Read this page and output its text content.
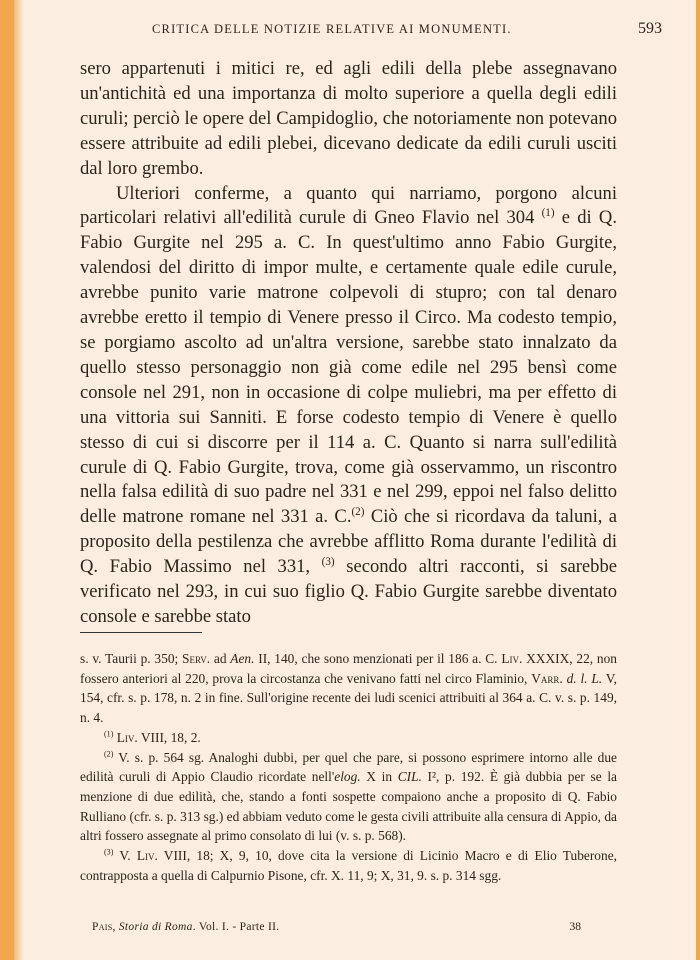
CRITICA DELLE NOTIZIE RELATIVE AI MONUMENTI.	593

sero appartenuti i mitici re, ed agli edili della plebe assegnavano un'antichità ed una importanza di molto superiore a quella degli edili curuli; perciò le opere del Campidoglio, che notoriamente non potevano essere attribuite ad edili plebei, dicevano dedicate da edili curuli usciti dal loro grembo.

Ulteriori conferme, a quanto qui narriamo, porgono alcuni particolari relativi all'edilità curule di Gneo Flavio nel 304 $^{(1)}$ e di Q. Fabio Gurgite nel 295 a. C. In quest'ultimo anno Fabio Gurgite, valendosi del diritto di impor multe, e certamente quale edile curule, avrebbe punito varie matrone colpevoli di stupro; con tal denaro avrebbe eretto il tempio di Venere presso il Circo. Ma codesto tempio, se porgiamo ascolto ad un'altra versione, sarebbe stato innalzato da quello stesso personaggio non già come edile nel 295 bensì come console nel 291, non in occasione di colpe muliebri, ma per effetto di una vittoria sui Sanniti. E forse codesto tempio di Venere è quello stesso di cui si discorre per il 114 a. C. Quanto si narra sull'edilità curule di Q. Fabio Gurgite, trova, come già osservammo, un riscontro nella falsa edilità di suo padre nel 331 e nel 299, eppoi nel falso delitto delle matrone romane nel 331 a. C.$^{(2)}$ Ciò che si ricordava da taluni, a proposito della pestilenza che avrebbe afflitto Roma durante l'edilità di Q. Fabio Massimo nel 331, $^{(3)}$ secondo altri racconti, si sarebbe verificato nel 293, in cui suo figlio Q. Fabio Gurgite sarebbe diventato console e sarebbe stato

s. v. Taurii p. 350; Serv. ad Aen. II, 140, che sono menzionati per il 186 a. C. Liv. XXXIX, 22, non fossero anteriori al 220, prova la circostanza che venivano fatti nel circo Flaminio, Varr. d. l. L. V, 154, cfr. s. p. 178, n. 2 in fine. Sull'origine recente dei ludi scenici attribuiti al 364 a. C. v. s. p. 149, n. 4.

$^{(1)}$ Liv. VIII, 18, 2.

$^{(2)}$ V. s. p. 564 sg. Analoghi dubbi, per quel che pare, si possono esprimere intorno alle due edilità curuli di Appio Claudio ricordate nell'elog. X in CIL. I², p. 192. È già dubbia per se la menzione di due edilità, che, stando a fonti sospette compaiono anche a proposito di Q. Fabio Rulliano (cfr. s. p. 313 sg.) ed abbiam veduto come le gesta civili attribuite alla censura di Appio, da altri fossero assegnate al primo consolato di lui (v. s. p. 568).

$^{(3)}$ V. Liv. VIII, 18; X, 9, 10, dove cita la versione di Licinio Macro e di Elio Tuberone, contrapposta a quella di Calpurnio Pisone, cfr. X. 11, 9; X, 31, 9. s. p. 314 sgg.

Pais, Storia di Roma. Vol. I. - Parte II.	38
